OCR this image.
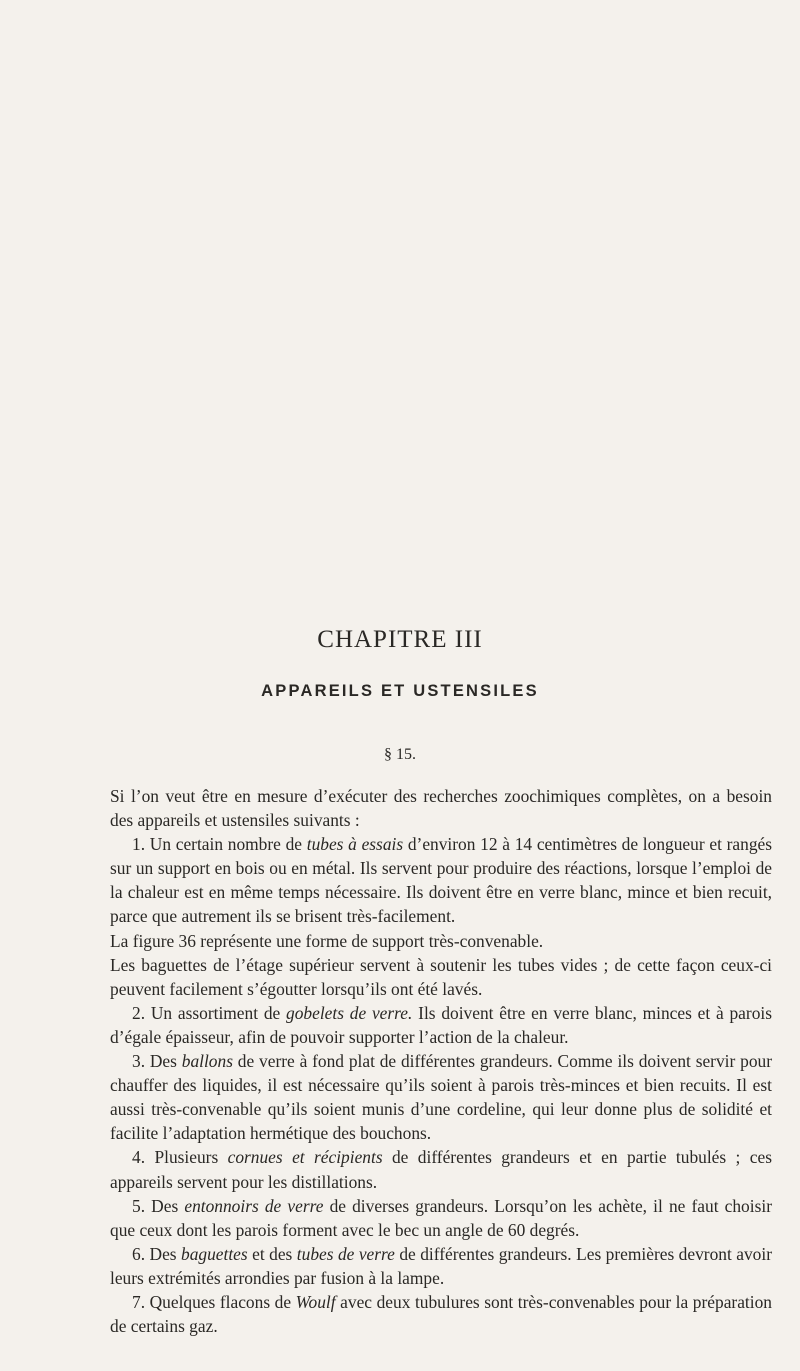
CHAPITRE III
APPAREILS ET USTENSILES
§ 15.

Si l’on veut être en mesure d’exécuter des recherches zoochimiques complètes, on a besoin des appareils et ustensiles suivants :

1. Un certain nombre de tubes à essais d’environ 12 à 14 centimètres de longueur et rangés sur un support en bois ou en métal. Ils servent pour produire des réactions, lorsque l’emploi de la chaleur est en même temps nécessaire. Ils doivent être en verre blanc, mince et bien recuit, parce que autrement ils se brisent très-facilement.

La figure 36 représente une forme de support très-convenable.

Les baguettes de l’étage supérieur servent à soutenir les tubes vides ; de cette façon ceux-ci peuvent facilement s’égoutter lorsqu’ils ont été lavés.

2. Un assortiment de gobelets de verre. Ils doivent être en verre blanc, minces et à parois d’égale épaisseur, afin de pouvoir supporter l’action de la chaleur.

3. Des ballons de verre à fond plat de différentes grandeurs. Comme ils doivent servir pour chauffer des liquides, il est nécessaire qu’ils soient à parois très-minces et bien recuits. Il est aussi très-convenable qu’ils soient munis d’une cordeline, qui leur donne plus de solidité et facilite l’adaptation hermétique des bouchons.

4. Plusieurs cornues et récipients de différentes grandeurs et en partie tubulés ; ces appareils servent pour les distillations.

5. Des entonnoirs de verre de diverses grandeurs. Lorsqu’on les achète, il ne faut choisir que ceux dont les parois forment avec le bec un angle de 60 degrés.

6. Des baguettes et des tubes de verre de différentes grandeurs. Les premières devront avoir leurs extrémités arrondies par fusion à la lampe.

7. Quelques flacons de Woulf avec deux tubulures sont très-convenables pour la préparation de certains gaz.
